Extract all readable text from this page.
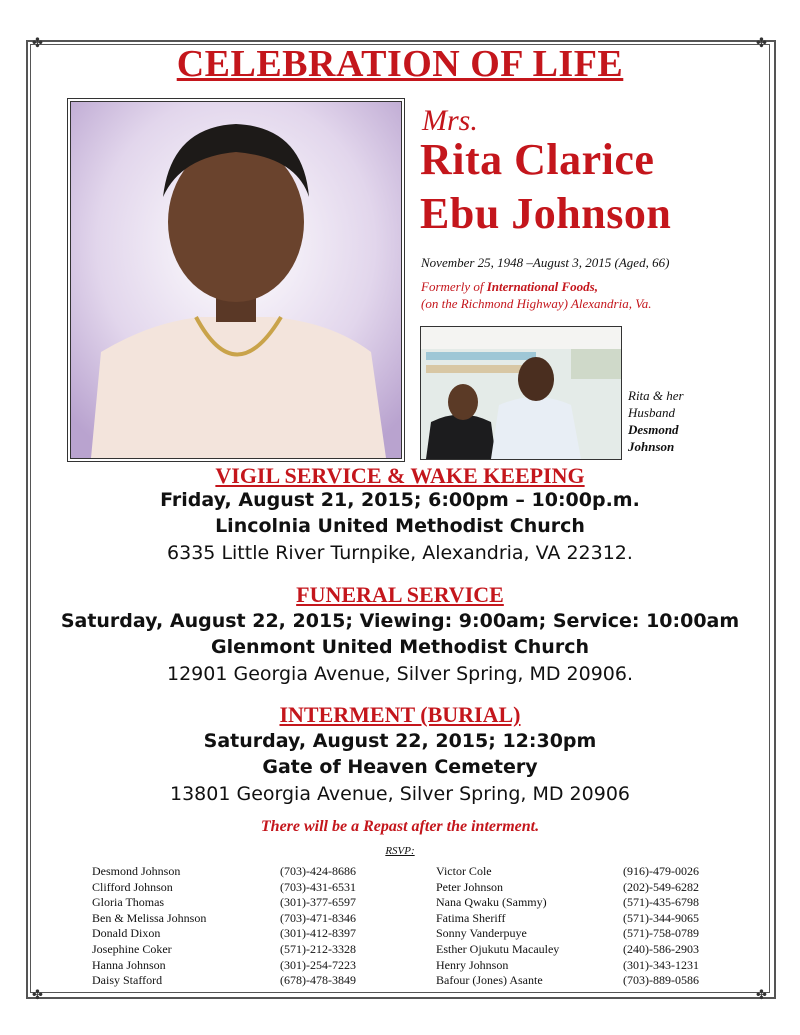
✤	✤
✤	✤
CELEBRATION OF LIFE
Mrs.
Rita Clarice
Ebu Johnson
November 25, 1948 –August 3, 2015 (Aged, 66)
Formerly of International Foods,
(on the Richmond Highway) Alexandria, Va.
Rita & her
Husband
Desmond
Johnson
VIGIL SERVICE & WAKE KEEPING
Friday, August 21, 2015; 6:00pm – 10:00p.m.
Lincolnia United Methodist Church
6335 Little River Turnpike, Alexandria, VA 22312.
FUNERAL SERVICE
Saturday, August 22, 2015; Viewing: 9:00am; Service: 10:00am
Glenmont United Methodist Church
12901 Georgia Avenue, Silver Spring, MD 20906.
INTERMENT (BURIAL)
Saturday, August 22, 2015; 12:30pm
Gate of Heaven Cemetery
13801 Georgia Avenue, Silver Spring, MD 20906
There will be a Repast after the interment.
RSVP:
Desmond Johnson	(703)-424-8686
Clifford Johnson	(703)-431-6531
Gloria Thomas	(301)-377-6597
Ben & Melissa Johnson	(703)-471-8346
Donald Dixon	(301)-412-8397
Josephine Coker	(571)-212-3328
Hanna Johnson	(301)-254-7223
Daisy Stafford	(678)-478-3849
Victor Cole	(916)-479-0026
Peter Johnson	(202)-549-6282
Nana Qwaku (Sammy)	(571)-435-6798
Fatima Sheriff	(571)-344-9065
Sonny Vanderpuye	(571)-758-0789
Esther Ojukutu Macauley	(240)-586-2903
Henry Johnson	(301)-343-1231
Bafour (Jones) Asante	(703)-889-0586
